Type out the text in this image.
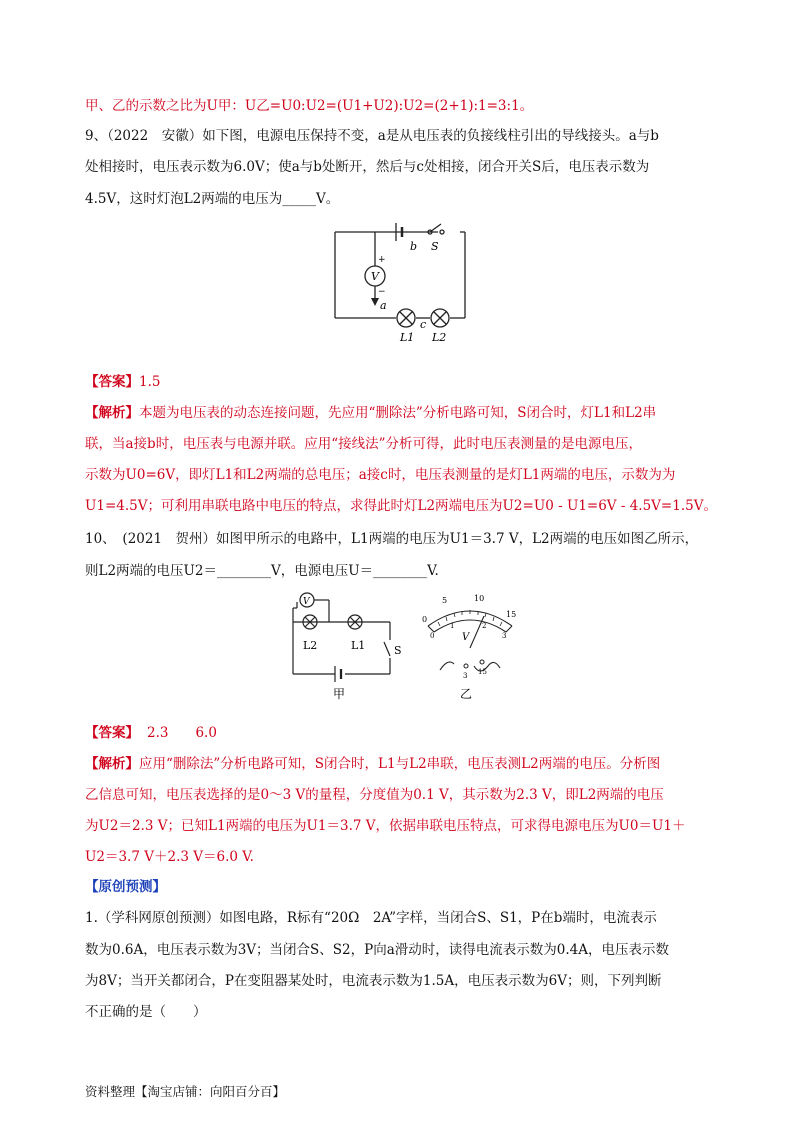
甲、乙的示数之比为U甲：U乙=U0:U2=(U1+U2):U2=(2+1):1=3:1。
9、（2022　安徽）如下图，电源电压保持不变，a是从电压表的负接线柱引出的导线接头。a与b
处相接时，电压表示数为6.0V；使a与b处断开，然后与c处相接，闭合开关S后，电压表示数为
4.5V，这时灯泡L2两端的电压为_____V。
V
+
−
a
b S
c
L1 L2
【答案】1.5
【解析】本题为电压表的动态连接问题，先应用“删除法”分析电路可知，S闭合时，灯L1和L2串
联，当a接b时，电压表与电源并联。应用“接线法”分析可得，此时电压表测量的是电源电压，
示数为U0=6V，即灯L1和L2两端的总电压；a接c时，电压表测量的是灯L1两端的电压，示数为为
U1=4.5V；可利用串联电路中电压的特点，求得此时灯L2两端电压为U2=U0 - U1=6V - 4.5V=1.5V。
10、　(2021　贺州）如图甲所示的电路中，L1两端的电压为U1＝3.7 V，L2两端的电压如图乙所示，
则L2两端的电压U2＝________V，电源电压U＝________V.
V
L2	L1	S
甲
0
5	10
15
0
1	2
3
V
3 15
乙
【答案】 2.3　　6.0
【解析】应用“删除法”分析电路可知，S闭合时，L1与L2串联，电压表测L2两端的电压。分析图
乙信息可知，电压表选择的是0～3 V的量程，分度值为0.1 V，其示数为2.3 V，即L2两端的电压
为U2＝2.3 V；已知L1两端的电压为U1＝3.7 V，依据串联电压特点，可求得电源电压为U0＝U1＋
U2＝3.7 V＋2.3 V＝6.0 V.
【原创预测】
1.（学科网原创预测）如图电路，R标有“20Ω　2A”字样，当闭合S、S1，P在b端时，电流表示
数为0.6A，电压表示数为3V；当闭合S、S2，P向a滑动时，读得电流表示数为0.4A，电压表示数
为8V；当开关都闭合，P在变阻器某处时，电流表示数为1.5A，电压表示数为6V；则，下列判断
不正确的是（　　）
资料整理【淘宝店铺：向阳百分百】
